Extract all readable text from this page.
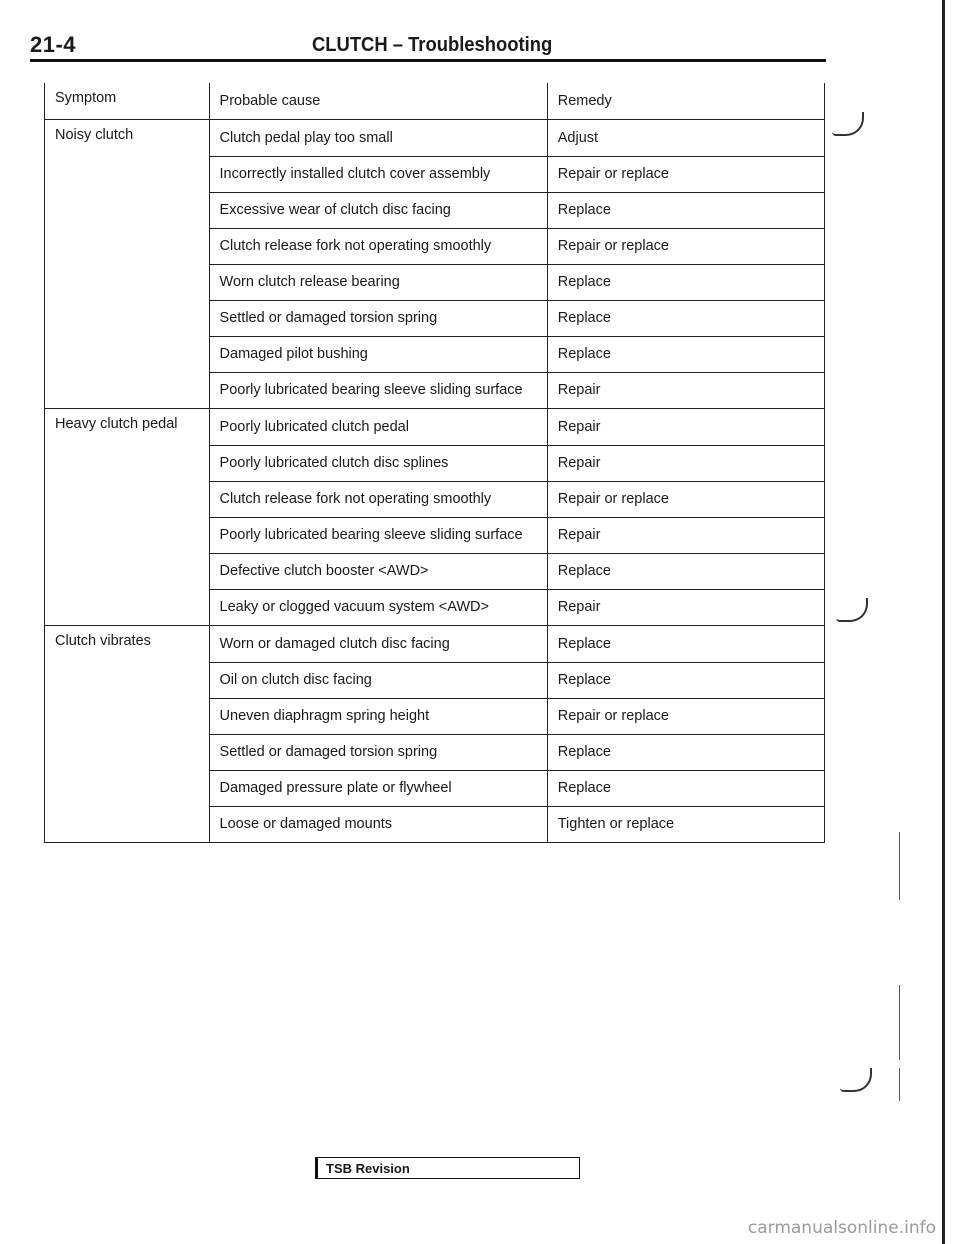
21-4	CLUTCH – Troubleshooting
Symptom	Probable cause	Remedy
Noisy clutch	Clutch pedal play too small	Adjust
	Incorrectly installed clutch cover assembly	Repair or replace
	Excessive wear of clutch disc facing	Replace
	Clutch release fork not operating smoothly	Repair or replace
	Worn clutch release bearing	Replace
	Settled or damaged torsion spring	Replace
	Damaged pilot bushing	Replace
	Poorly lubricated bearing sleeve sliding surface	Repair
Heavy clutch pedal	Poorly lubricated clutch pedal	Repair
	Poorly lubricated clutch disc splines	Repair
	Clutch release fork not operating smoothly	Repair or replace
	Poorly lubricated bearing sleeve sliding surface	Repair
	Defective clutch booster <AWD>	Replace
	Leaky or clogged vacuum system <AWD>	Repair
Clutch vibrates	Worn or damaged clutch disc facing	Replace
	Oil on clutch disc facing	Replace
	Uneven diaphragm spring height	Repair or replace
	Settled or damaged torsion spring	Replace
	Damaged pressure plate or flywheel	Replace
	Loose or damaged mounts	Tighten or replace
TSB Revision
carmanualsonline.info
